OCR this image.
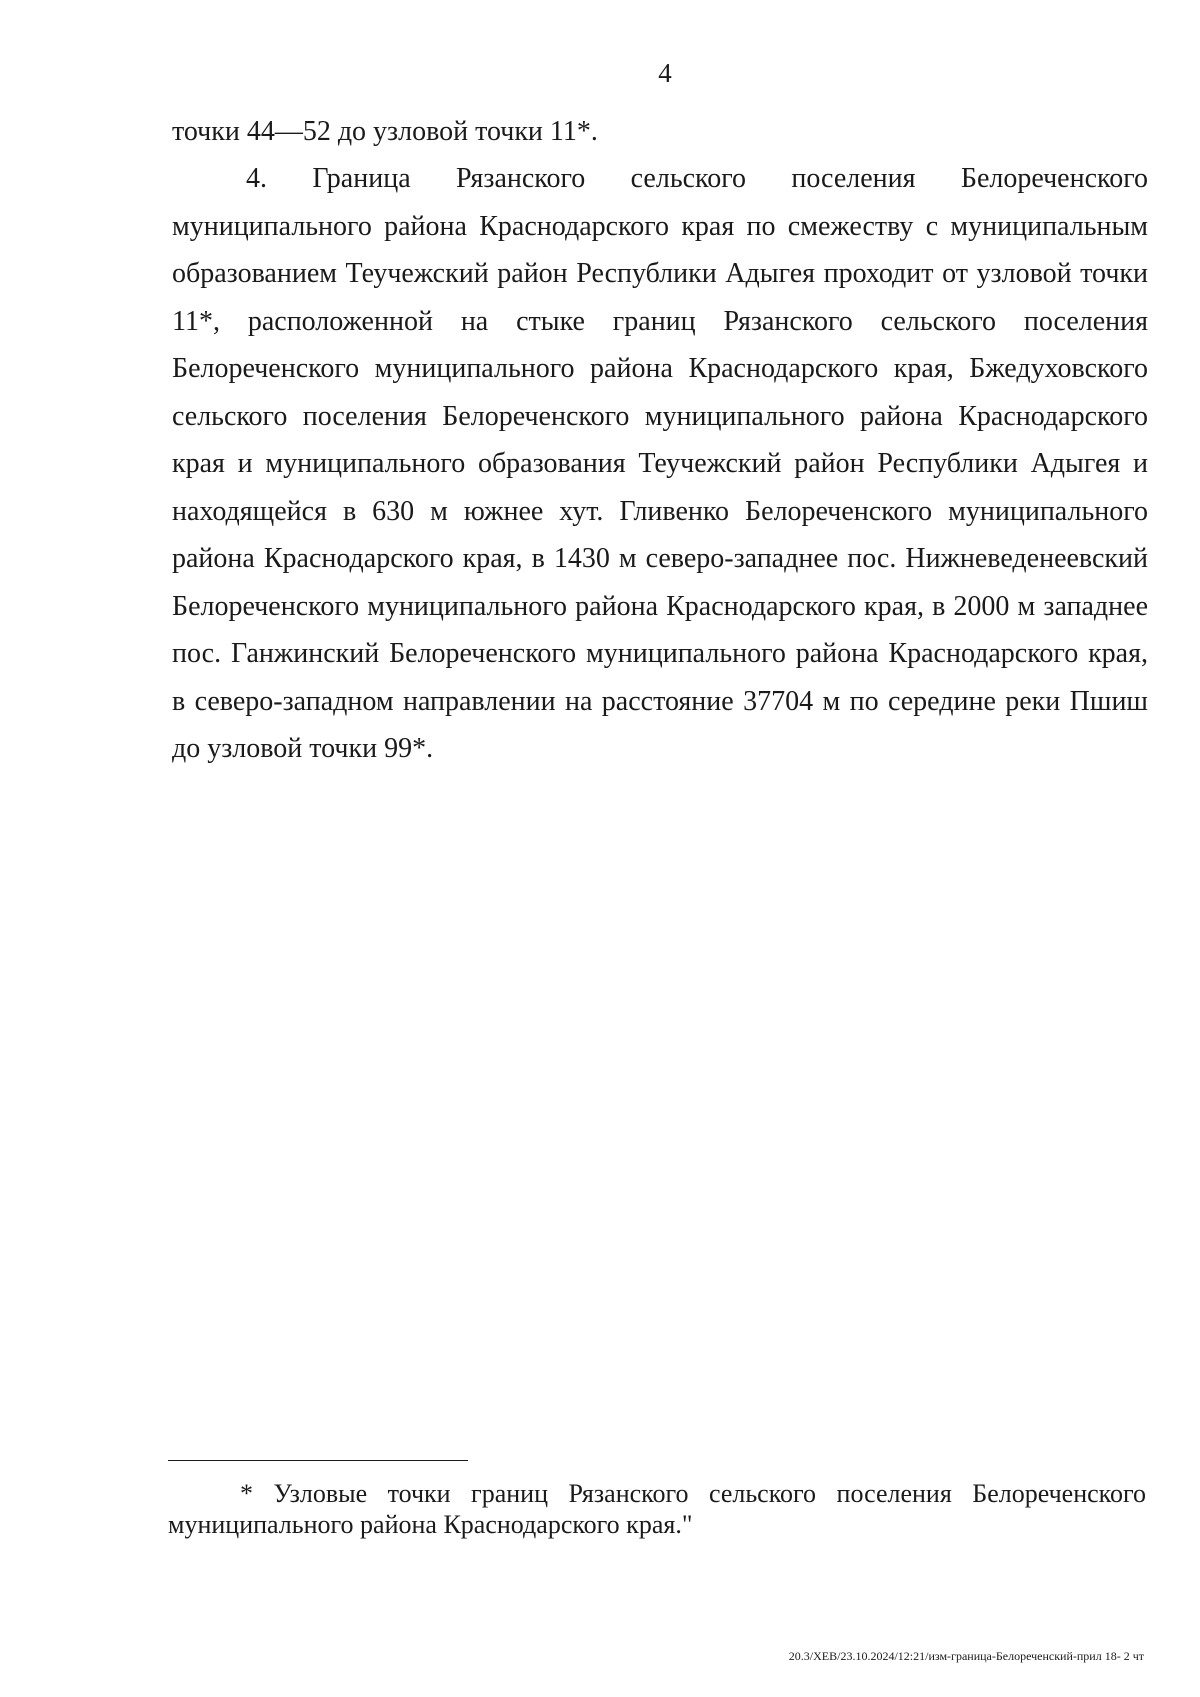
4

точки 44—52 до узловой точки 11*.

4. Граница Рязанского сельского поселения Белореченского муниципального района Краснодарского края по смежеству с муниципальным образованием Теучежский район Республики Адыгея проходит от узловой точки 11*, расположенной на стыке границ Рязанского сельского поселения Белореченского муниципального района Краснодарского края, Бжедуховского сельского поселения Белореченского муниципального района Краснодарского края и муниципального образования Теучежский район Республики Адыгея и находящейся в 630 м южнее хут. Гливенко Белореченского муниципального района Краснодарского края, в 1430 м северо-западнее пос. Нижневеденеевский Белореченского муниципального района Краснодарского края, в 2000 м западнее пос. Ганжинский Белореченского муниципального района Краснодарского края, в северо-западном направлении на расстояние 37704 м по середине реки Пшиш до узловой точки 99*.

* Узловые точки границ Рязанского сельского поселения Белореченского муниципального района Краснодарского края."

20.3/ХЕВ/23.10.2024/12:21/изм-граница-Белореченский-прил 18- 2 чт
